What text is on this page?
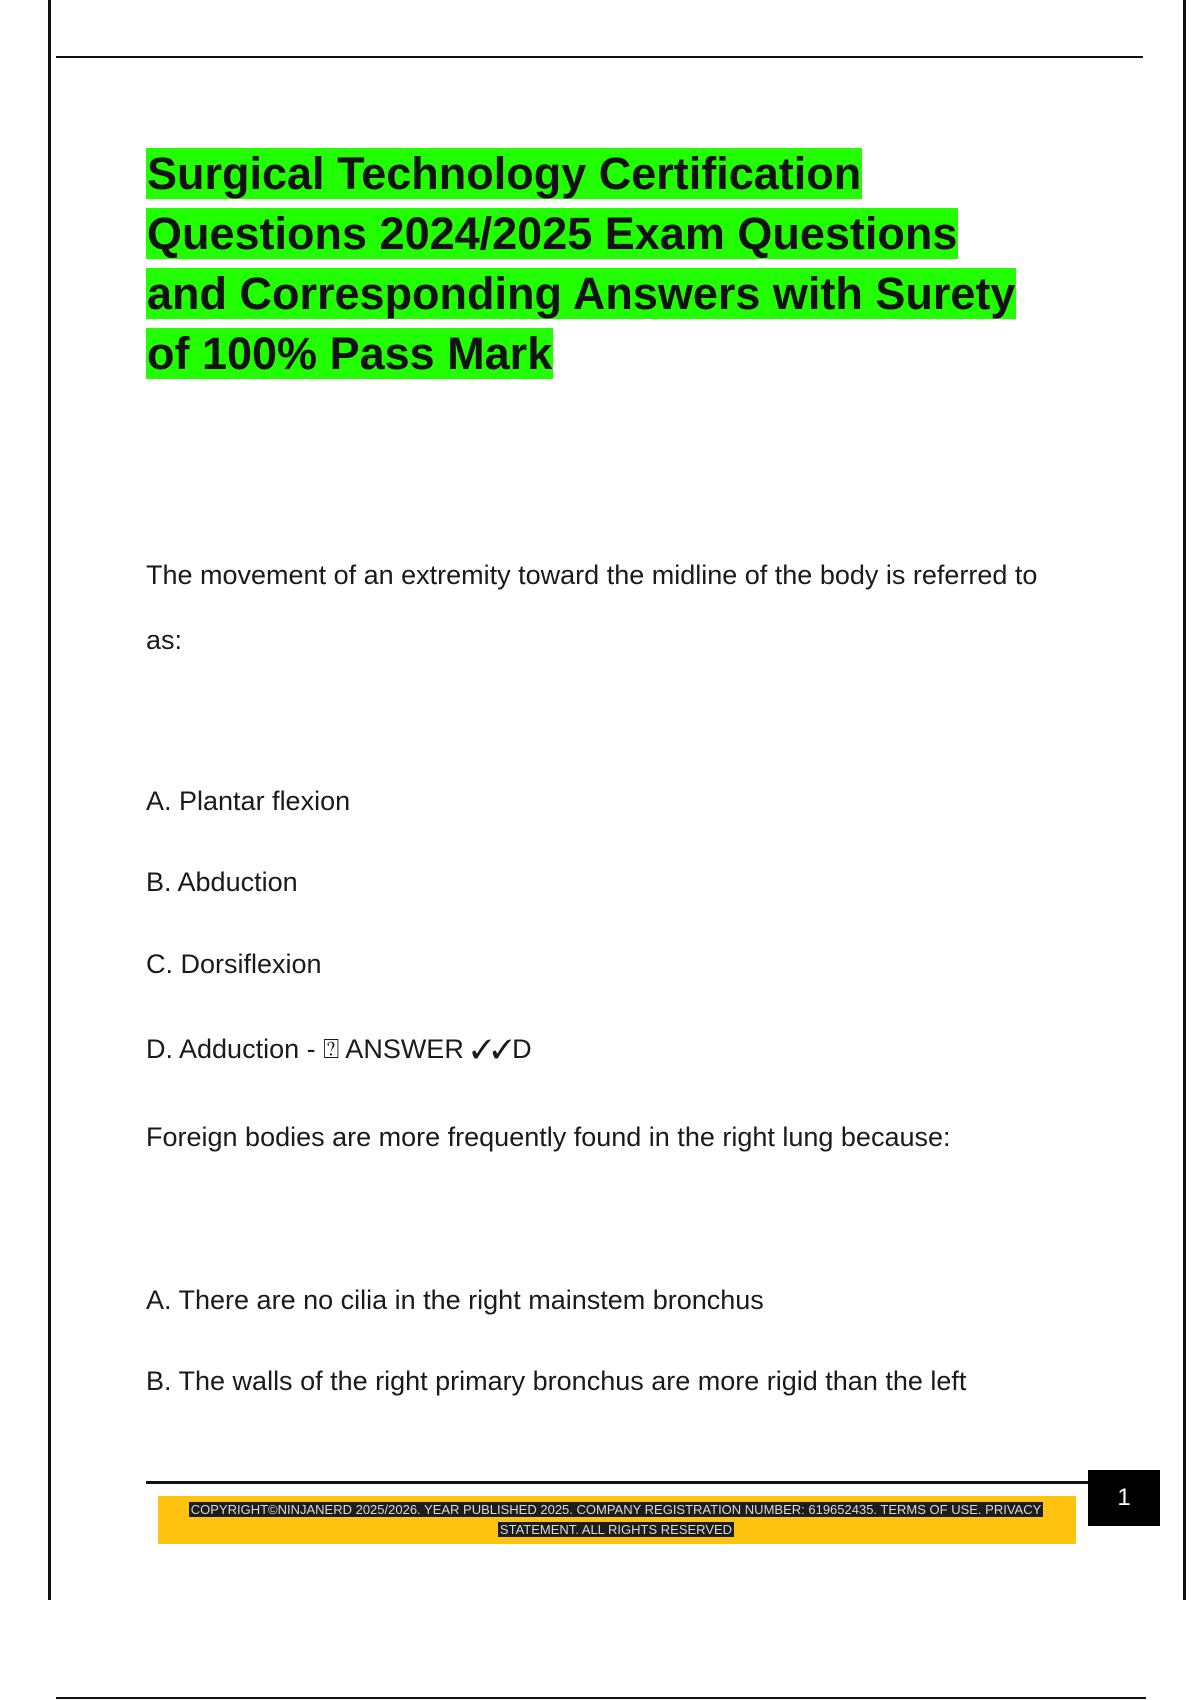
Surgical Technology Certification
Questions 2024/2025 Exam Questions
and Corresponding Answers with Surety
of 100% Pass Mark

The movement of an extremity toward the midline of the body is referred to

as:

A. Plantar flexion

B. Abduction

C. Dorsiflexion

D. Adduction - ⍰ ANSWER ✓✓D

Foreign bodies are more frequently found in the right lung because:

A. There are no cilia in the right mainstem bronchus

B. The walls of the right primary bronchus are more rigid than the left

1
COPYRIGHT©NINJANERD 2025/2026. YEAR PUBLISHED 2025. COMPANY REGISTRATION NUMBER: 619652435. TERMS OF USE. PRIVACY
STATEMENT. ALL RIGHTS RESERVED
